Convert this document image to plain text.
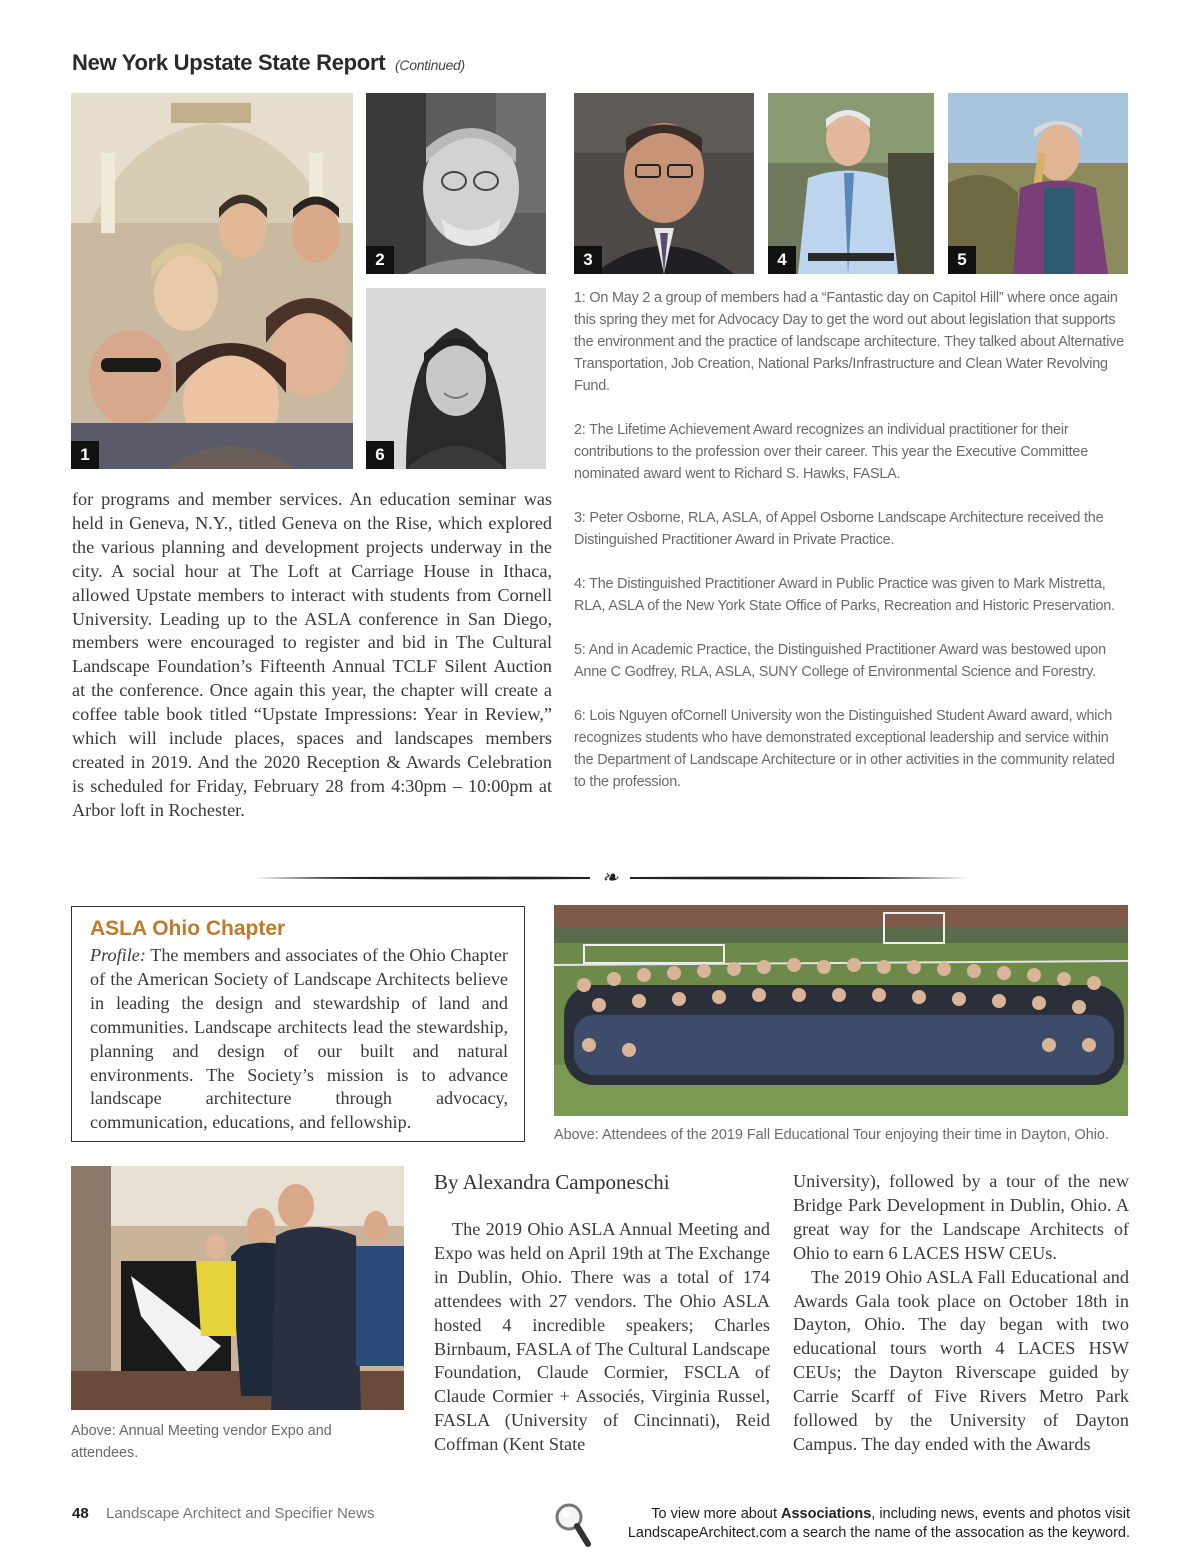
New York Upstate State Report (Continued)
1
2
6
3	4	5

1: On May 2 a group of members had a “Fantastic day on Capitol Hill” where once again this spring they met for Advocacy Day to get the word out about legislation that supports the environment and the practice of landscape architecture. They talked about Alternative Transportation, Job Creation, National Parks/Infrastructure and Clean Water Revolving Fund.

2: The Lifetime Achievement Award recognizes an individual practitioner for their contributions to the profession over their career. This year the Executive Committee nominated award went to Richard S. Hawks, FASLA.

3: Peter Osborne, RLA, ASLA, of Appel Osborne Landscape Architecture received the Distinguished Practitioner Award in Private Practice.

4: The Distinguished Practitioner Award in Public Practice was given to Mark Mistretta, RLA, ASLA of the New York State Office of Parks, Recreation and Historic Preservation.

5: And in Academic Practice, the Distinguished Practitioner Award was bestowed upon Anne C Godfrey, RLA, ASLA, SUNY College of Environmental Science and Forestry.

6: Lois Nguyen ofCornell University won the Distinguished Student Award award, which recognizes students who have demonstrated exceptional leadership and service within the Department of Landscape Architecture or in other activities in the community related to the profession.

for programs and member services. An education seminar was held in Geneva, N.Y., titled Geneva on the Rise, which explored the various planning and development projects underway in the city. A social hour at The Loft at Carriage House in Ithaca, allowed Upstate members to interact with students from Cornell University. Leading up to the ASLA conference in San Diego, members were encouraged to register and bid in The Cultural Landscape Foundation’s Fifteenth Annual TCLF Silent Auction at the conference. Once again this year, the chapter will create a coffee table book titled “Upstate Impressions: Year in Review,” which will include places, spaces and landscapes members created in 2019. And the 2020 Reception & Awards Celebration is scheduled for Friday, February 28 from 4:30pm – 10:00pm at Arbor loft in Rochester.
❧
ASLA Ohio Chapter
Profile: The members and associates of the Ohio Chapter of the American Society of Landscape Architects believe in leading the design and stewardship of land and communities. Landscape architects lead the stewardship, planning and design of our built and natural environments. The Society’s mission is to advance landscape architecture through advocacy, communication, educations, and fellowship.
Above: Attendees of the 2019 Fall Educational Tour enjoying their time in Dayton, Ohio.
Above: Annual Meeting vendor Expo and attendees.
By Alexandra Camponeschi
The 2019 Ohio ASLA Annual Meeting and Expo was held on April 19th at The Exchange in Dublin, Ohio. There was a total of 174 attendees with 27 vendors. The Ohio ASLA hosted 4 incredible speakers; Charles Birnbaum, FASLA of The Cultural Landscape Foundation, Claude Cormier, FSCLA of Claude Cormier + Associés, Virginia Russel, FASLA (University of Cincinnati), Reid Coffman (Kent State
University), followed by a tour of the new Bridge Park Development in Dublin, Ohio. A great way for the Landscape Architects of Ohio to earn 6 LACES HSW CEUs.
The 2019 Ohio ASLA Fall Educational and Awards Gala took place on October 18th in Dayton, Ohio. The day began with two educational tours worth 4 LACES HSW CEUs; the Dayton Riverscape guided by Carrie Scarff of Five Rivers Metro Park followed by the University of Dayton Campus. The day ended with the Awards
48 Landscape Architect and Specifier News	To view more about Associations, including news, events and photos visit
LandscapeArchitect.com a search the name of the assocation as the keyword.
